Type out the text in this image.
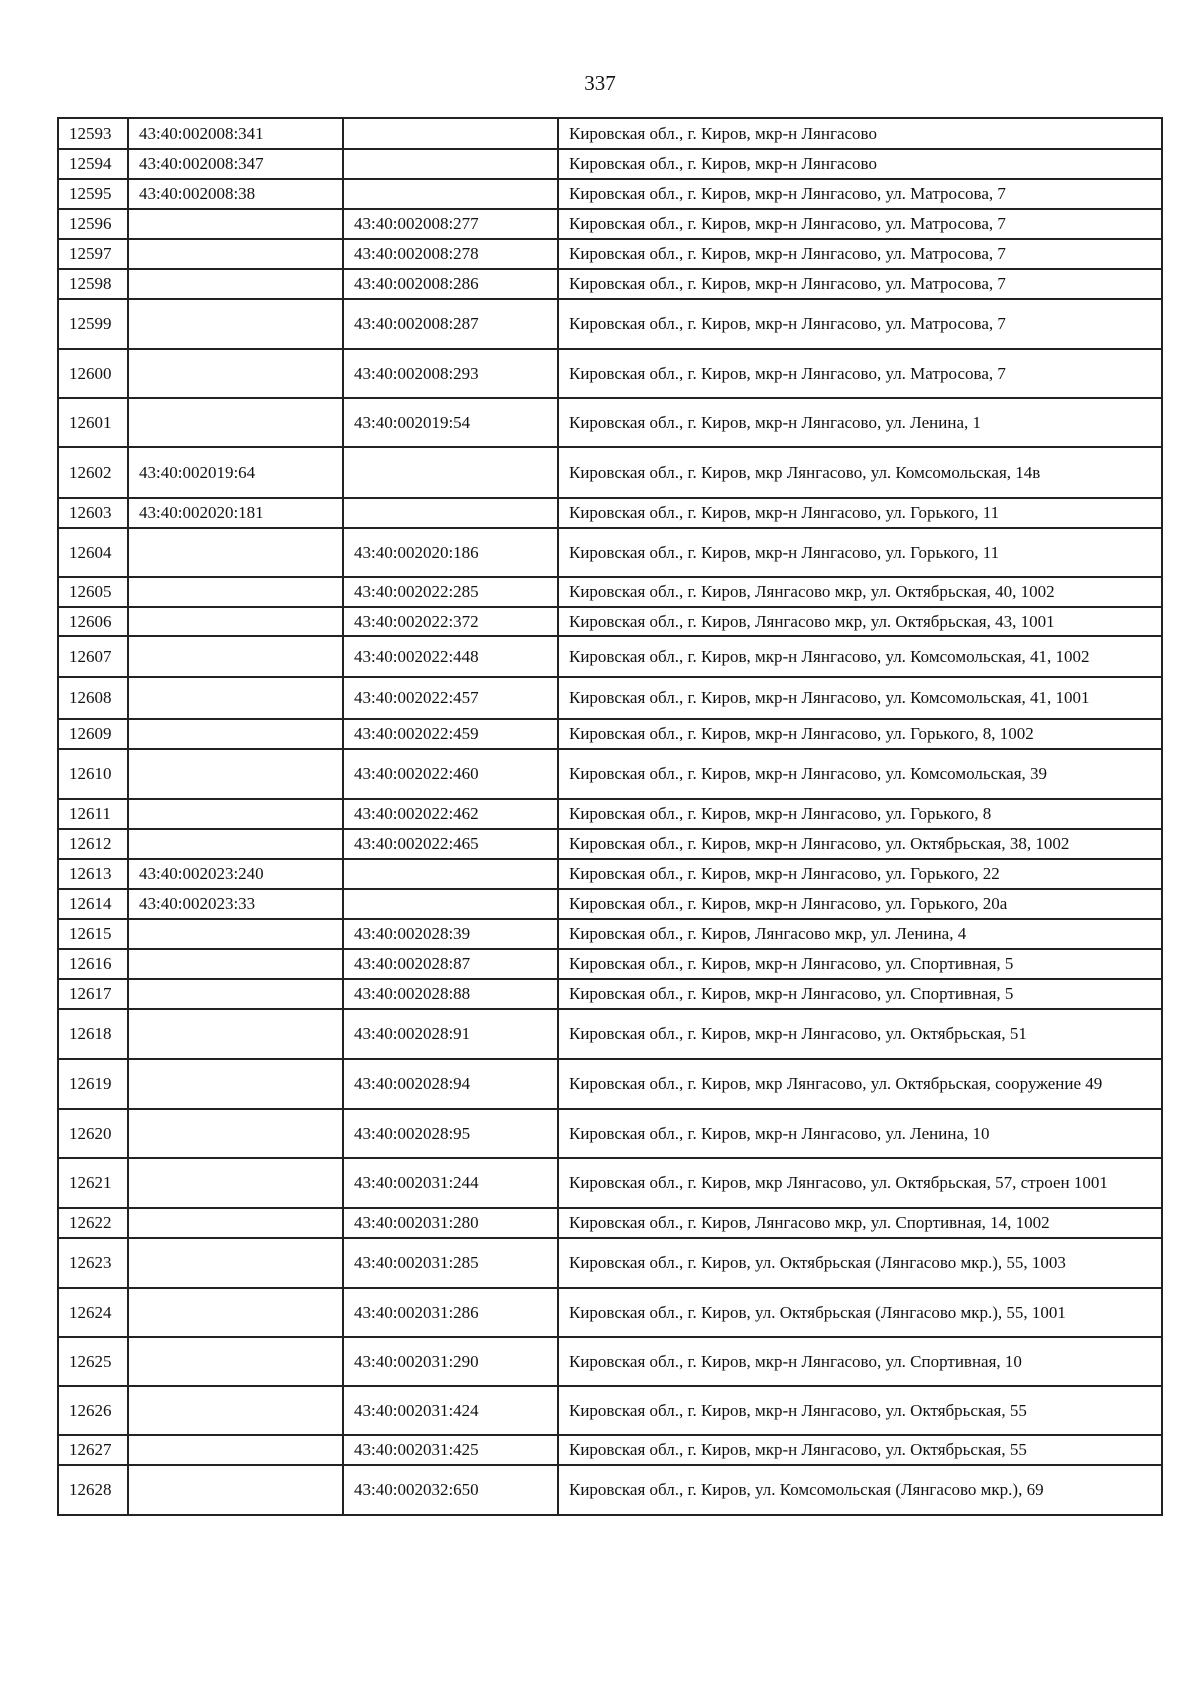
337
12593	43:40:002008:341		Кировская обл., г. Киров, мкр-н Лянгасово
12594	43:40:002008:347		Кировская обл., г. Киров, мкр-н Лянгасово
12595	43:40:002008:38		Кировская обл., г. Киров, мкр-н Лянгасово, ул. Матросова, 7
12596		43:40:002008:277	Кировская обл., г. Киров, мкр-н Лянгасово, ул. Матросова, 7
12597		43:40:002008:278	Кировская обл., г. Киров, мкр-н Лянгасово, ул. Матросова, 7
12598		43:40:002008:286	Кировская обл., г. Киров, мкр-н Лянгасово, ул. Матросова, 7
12599		43:40:002008:287	Кировская обл., г. Киров, мкр-н Лянгасово, ул. Матросова, 7
12600		43:40:002008:293	Кировская обл., г. Киров, мкр-н Лянгасово, ул. Матросова, 7
12601		43:40:002019:54	Кировская обл., г. Киров, мкр-н Лянгасово, ул. Ленина, 1
12602	43:40:002019:64		Кировская обл., г. Киров, мкр Лянгасово, ул. Комсомольская, 14в
12603	43:40:002020:181		Кировская обл., г. Киров, мкр-н Лянгасово, ул. Горького, 11
12604		43:40:002020:186	Кировская обл., г. Киров, мкр-н Лянгасово, ул. Горького, 11
12605		43:40:002022:285	Кировская обл., г. Киров, Лянгасово мкр, ул. Октябрьская, 40, 1002
12606		43:40:002022:372	Кировская обл., г. Киров, Лянгасово мкр, ул. Октябрьская, 43, 1001
12607		43:40:002022:448	Кировская обл., г. Киров, мкр-н Лянгасово, ул. Комсомольская, 41, 1002
12608		43:40:002022:457	Кировская обл., г. Киров, мкр-н Лянгасово, ул. Комсомольская, 41, 1001
12609		43:40:002022:459	Кировская обл., г. Киров, мкр-н Лянгасово, ул. Горького, 8, 1002
12610		43:40:002022:460	Кировская обл., г. Киров, мкр-н Лянгасово, ул. Комсомольская, 39
12611		43:40:002022:462	Кировская обл., г. Киров, мкр-н Лянгасово, ул. Горького, 8
12612		43:40:002022:465	Кировская обл., г. Киров, мкр-н Лянгасово, ул. Октябрьская, 38, 1002
12613	43:40:002023:240		Кировская обл., г. Киров, мкр-н Лянгасово, ул. Горького, 22
12614	43:40:002023:33		Кировская обл., г. Киров, мкр-н Лянгасово, ул. Горького, 20а
12615		43:40:002028:39	Кировская обл., г. Киров, Лянгасово мкр, ул. Ленина, 4
12616		43:40:002028:87	Кировская обл., г. Киров, мкр-н Лянгасово, ул. Спортивная, 5
12617		43:40:002028:88	Кировская обл., г. Киров, мкр-н Лянгасово, ул. Спортивная, 5
12618		43:40:002028:91	Кировская обл., г. Киров, мкр-н Лянгасово, ул. Октябрьская, 51
12619		43:40:002028:94	Кировская обл., г. Киров, мкр Лянгасово, ул. Октябрьская, сооружение 49
12620		43:40:002028:95	Кировская обл., г. Киров, мкр-н Лянгасово, ул. Ленина, 10
12621		43:40:002031:244	Кировская обл., г. Киров, мкр Лянгасово, ул. Октябрьская, 57, строен 1001
12622		43:40:002031:280	Кировская обл., г. Киров, Лянгасово мкр, ул. Спортивная, 14, 1002
12623		43:40:002031:285	Кировская обл., г. Киров, ул. Октябрьская (Лянгасово мкр.), 55, 1003
12624		43:40:002031:286	Кировская обл., г. Киров, ул. Октябрьская (Лянгасово мкр.), 55, 1001
12625		43:40:002031:290	Кировская обл., г. Киров, мкр-н Лянгасово, ул. Спортивная, 10
12626		43:40:002031:424	Кировская обл., г. Киров, мкр-н Лянгасово, ул. Октябрьская, 55
12627		43:40:002031:425	Кировская обл., г. Киров, мкр-н Лянгасово, ул. Октябрьская, 55
12628		43:40:002032:650	Кировская обл., г. Киров, ул. Комсомольская (Лянгасово мкр.), 69
